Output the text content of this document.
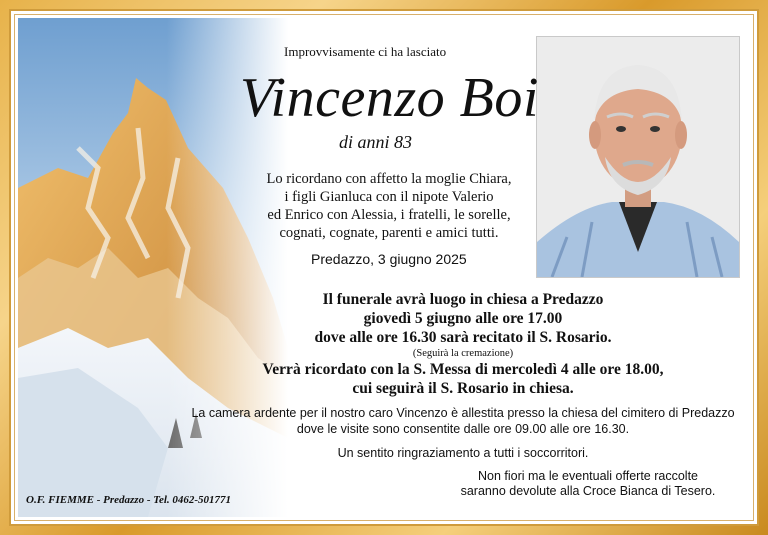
Improvvisamente ci ha lasciato
Vincenzo Boi
di anni 83
Lo ricordano con affetto la moglie Chiara,
i figli Gianluca con il nipote Valerio
ed Enrico con Alessia, i fratelli, le sorelle,
cognati, cognate, parenti e amici tutti.
Predazzo, 3 giugno 2025
Il funerale avrà luogo in chiesa a Predazzo
giovedì 5 giugno alle ore 17.00
dove alle ore 16.30 sarà recitato il S. Rosario.
(Seguirà la cremazione)
Verrà ricordato con la S. Messa di mercoledì 4 alle ore 18.00,
cui seguirà il S. Rosario in chiesa.
La camera ardente per il nostro caro Vincenzo è allestita presso la chiesa del cimitero di Predazzo
dove le visite sono consentite dalle ore 09.00 alle ore 16.30.
Un sentito ringraziamento a tutti i soccorritori.
Non fiori ma le eventuali offerte raccolte
saranno devolute alla Croce Bianca di Tesero.
O.F. FIEMME - Predazzo - Tel. 0462-501771
